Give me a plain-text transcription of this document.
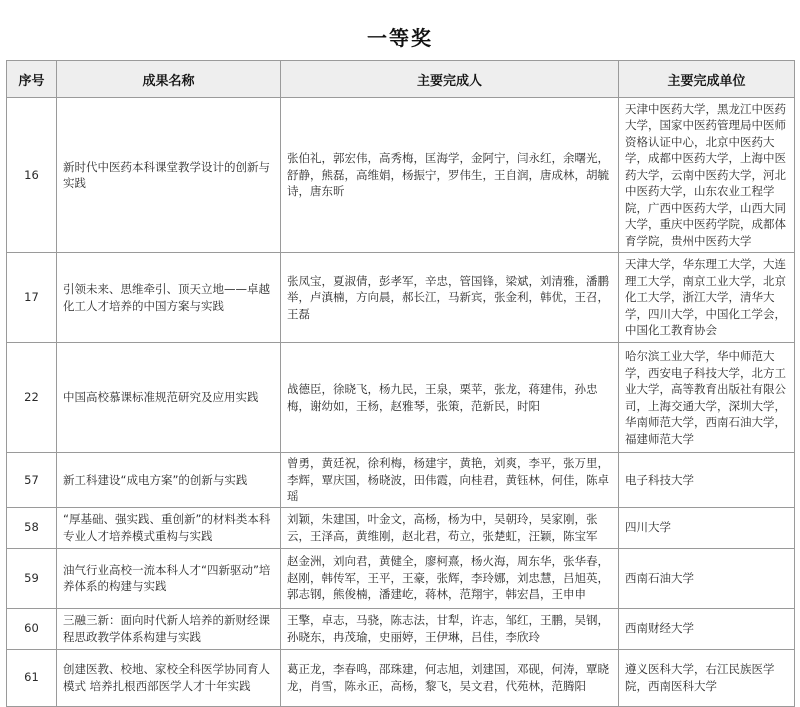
一等奖
序号	成果名称	主要完成人	主要完成单位
16	新时代中医药本科课堂教学设计的创新与实践	张伯礼，郭宏伟，高秀梅，匡海学，金阿宁，闫永红，余曙光，舒静，熊磊，高维娟，杨振宁，罗伟生，王自润，唐成林，胡毓诗，唐东昕	天津中医药大学，黑龙江中医药大学，国家中医药管理局中医师资格认证中心，北京中医药大学，成都中医药大学，上海中医药大学，云南中医药大学，河北中医药大学，山东农业工程学院，广西中医药大学，山西大同大学，重庆中医药学院，成都体育学院，贵州中医药大学
17	引领未来、思维牵引、顶天立地——卓越化工人才培养的中国方案与实践	张凤宝，夏淑倩，彭孝军，辛忠，管国锋，梁斌，刘清雅，潘鹏举，卢滇楠，方向晨，郝长江，马新宾，张金利，韩优，王召，王磊	天津大学，华东理工大学，大连理工大学，南京工业大学，北京化工大学，浙江大学，清华大学，四川大学，中国化工学会，中国化工教育协会
22	中国高校慕课标准规范研究及应用实践	战德臣，徐晓飞，杨九民，王泉，栗苹，张龙，蒋建伟，孙忠梅，谢幼如，王杨，赵雅琴，张策，范新民，时阳	哈尔滨工业大学，华中师范大学，西安电子科技大学，北方工业大学，高等教育出版社有限公司，上海交通大学，深圳大学，华南师范大学，西南石油大学，福建师范大学
57	新工科建设“成电方案”的创新与实践	曾勇，黄廷祝，徐利梅，杨建宇，黄艳，刘爽，李平，张万里，李辉，覃庆国，杨晓波，田伟霞，向桂君，黄钰林，何佳，陈卓瑶	电子科技大学
58	“厚基础、强实践、重创新”的材料类本科专业人才培养模式重构与实践	刘颖，朱建国，叶金文，高杨，杨为中，吴朝玲，吴家刚，张云，王泽高，黄维刚，赵北君，苟立，张楚虹，汪颖，陈宝军	四川大学
59	油气行业高校一流本科人才“四新驱动”培养体系的构建与实践	赵金洲，刘向君，黄健全，廖柯熹，杨火海，周东华，张华春，赵刚，韩传军，王平，王豪，张辉，李玲娜，刘忠慧，吕旭英，郭志钢，熊俊楠，潘建屹，蒋林，范翔宇，韩宏昌，王申申	西南石油大学
60	三融三新：面向时代新人培养的新财经课程思政教学体系构建与实践	王擎，卓志，马骁，陈志法，甘犁，许志，邹红，王鹏，吴钢，孙晓东，冉茂瑜，史丽婷，王伊琳，吕佳，李欣玲	西南财经大学
61	创建医教、校地、家校全科医学协同育人模式 培养扎根西部医学人才十年实践	葛正龙，李春鸣，邵珠建，何志旭，刘建国，邓砚，何涛，覃晓龙，肖雪，陈永正，高杨，黎飞，吴文君，代苑林，范腾阳	遵义医科大学，右江民族医学院，西南医科大学
